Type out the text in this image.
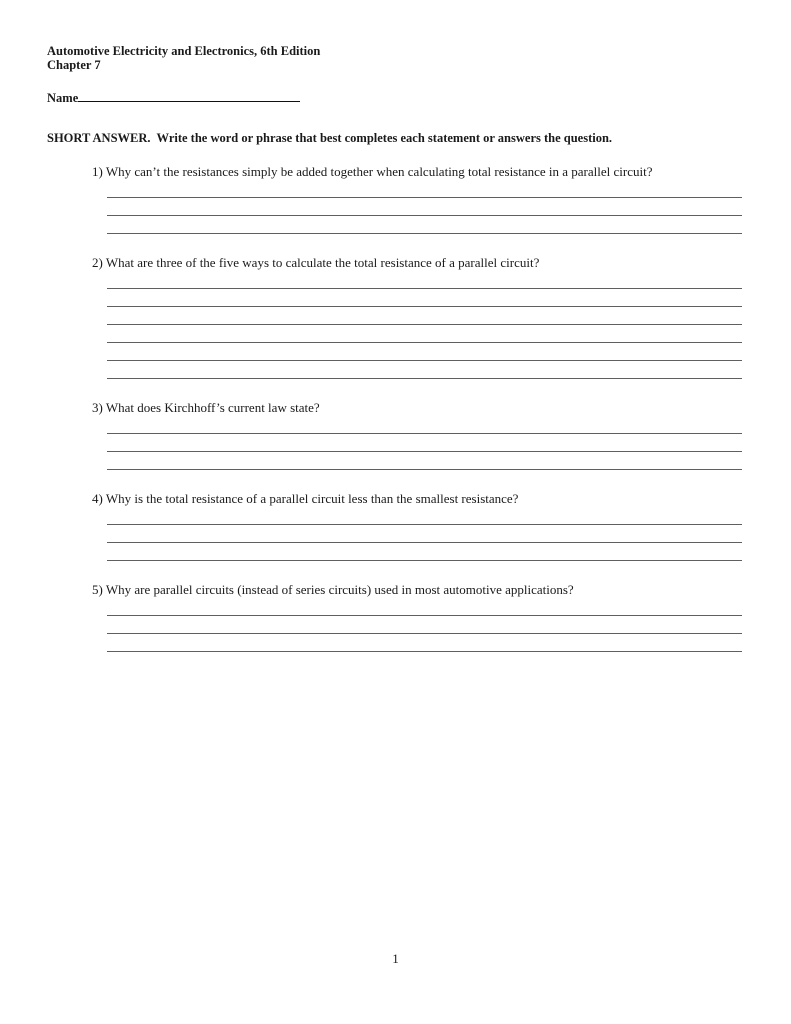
Automotive Electricity and Electronics, 6th Edition
Chapter 7
Name
SHORT ANSWER.  Write the word or phrase that best completes each statement or answers the question.

1) Why can’t the resistances simply be added together when calculating total resistance in a parallel circuit?

2) What are three of the five ways to calculate the total resistance of a parallel circuit?

3) What does Kirchhoff’s current law state?

4) Why is the total resistance of a parallel circuit less than the smallest resistance?

5) Why are parallel circuits (instead of series circuits) used in most automotive applications?

1
